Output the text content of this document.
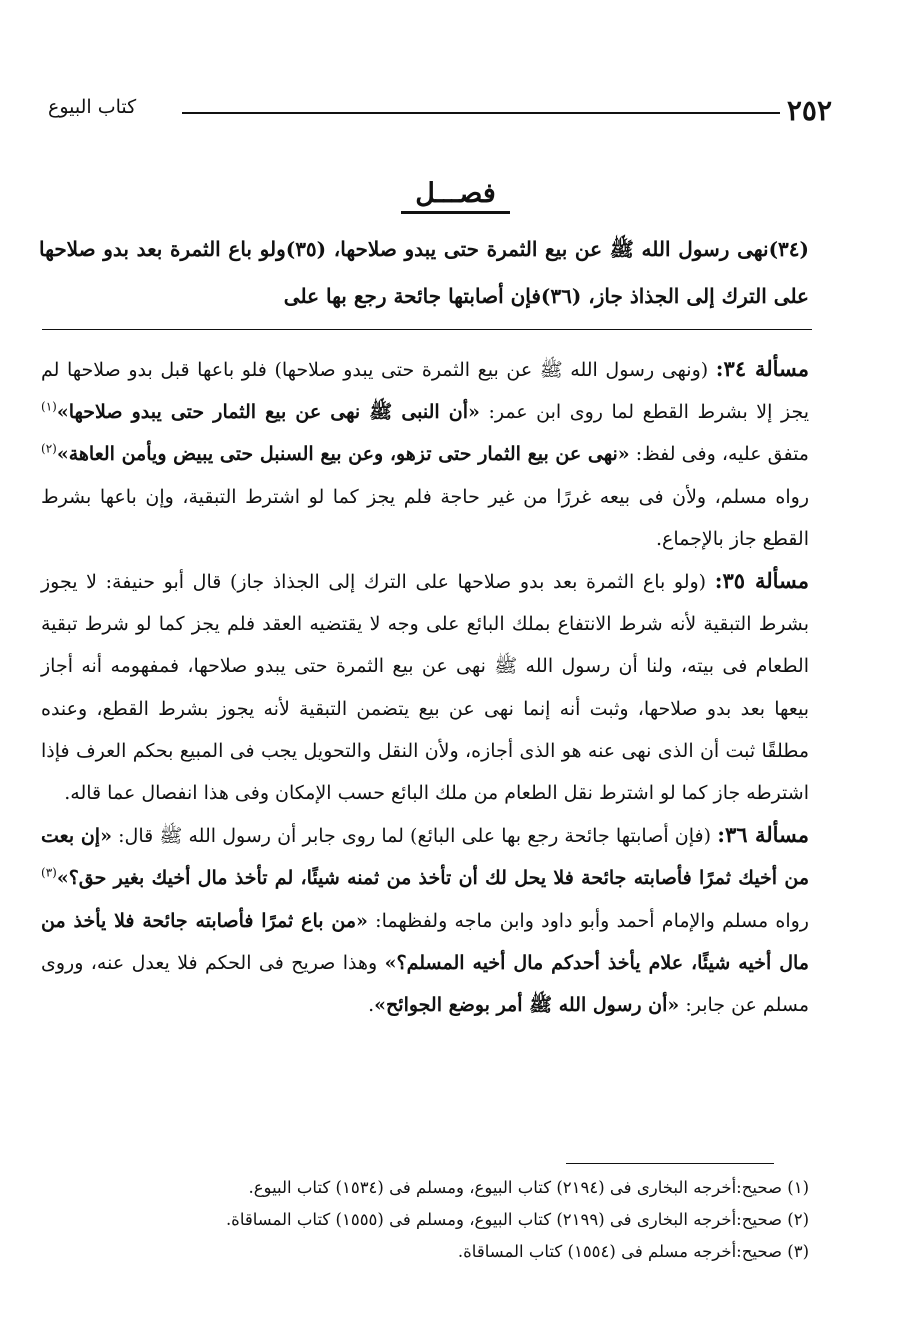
كتاب البيوع	٢٥٢
فصـــل
(٣٤)نهى رسول الله ﷺ عن بيع الثمرة حتى يبدو صلاحها، (٣٥)ولو باع الثمرة بعد بدو صلاحها على الترك إلى الجذاذ جاز، (٣٦)فإن أصابتها جائحة رجع بها على

مسألة ٣٤: (ونهى رسول الله ﷺ عن بيع الثمرة حتى يبدو صلاحها) فلو باعها قبل بدو صلاحها لم يجز إلا بشرط القطع لما روى ابن عمر: «أن النبى ﷺ نهى عن بيع الثمار حتى يبدو صلاحها»$^{(١)}$ متفق عليه، وفى لفظ: «نهى عن بيع الثمار حتى تزهو، وعن بيع السنبل حتى يبيض ويأمن العاهة»$^{(٢)}$ رواه مسلم، ولأن فى بيعه غررًا من غير حاجة فلم يجز كما لو اشترط التبقية، وإن باعها بشرط القطع جاز بالإجماع.

مسألة ٣٥: (ولو باع الثمرة بعد بدو صلاحها على الترك إلى الجذاذ جاز) قال أبو حنيفة: لا يجوز بشرط التبقية لأنه شرط الانتفاع بملك البائع على وجه لا يقتضيه العقد فلم يجز كما لو شرط تبقية الطعام فى بيته، ولنا أن رسول الله ﷺ نهى عن بيع الثمرة حتى يبدو صلاحها، فمفهومه أنه أجاز بيعها بعد بدو صلاحها، وثبت أنه إنما نهى عن بيع يتضمن التبقية لأنه يجوز بشرط القطع، وعنده مطلقًا ثبت أن الذى نهى عنه هو الذى أجازه، ولأن النقل والتحويل يجب فى المبيع بحكم العرف فإذا اشترطه جاز كما لو اشترط نقل الطعام من ملك البائع حسب الإمكان وفى هذا انفصال عما قاله.

مسألة ٣٦: (فإن أصابتها جائحة رجع بها على البائع) لما روى جابر أن رسول الله ﷺ قال: «إن بعت من أخيك ثمرًا فأصابته جائحة فلا يحل لك أن تأخذ من ثمنه شيئًا، لم تأخذ مال أخيك بغير حق؟»$^{(٣)}$ رواه مسلم والإمام أحمد وأبو داود وابن ماجه ولفظهما: «من باع ثمرًا فأصابته جائحة فلا يأخذ من مال أخيه شيئًا، علام يأخذ أحدكم مال أخيه المسلم؟» وهذا صريح فى الحكم فلا يعدل عنه، وروى مسلم عن جابر: «أن رسول الله ﷺ أمر بوضع الجوائح».

(١) صحيح:أخرجه البخارى فى (٢١٩٤) كتاب البيوع، ومسلم فى (١٥٣٤) كتاب البيوع.
(٢) صحيح:أخرجه البخارى فى (٢١٩٩) كتاب البيوع، ومسلم فى (١٥٥٥) كتاب المساقاة.
(٣) صحيح:أخرجه مسلم فى (١٥٥٤) كتاب المساقاة.
